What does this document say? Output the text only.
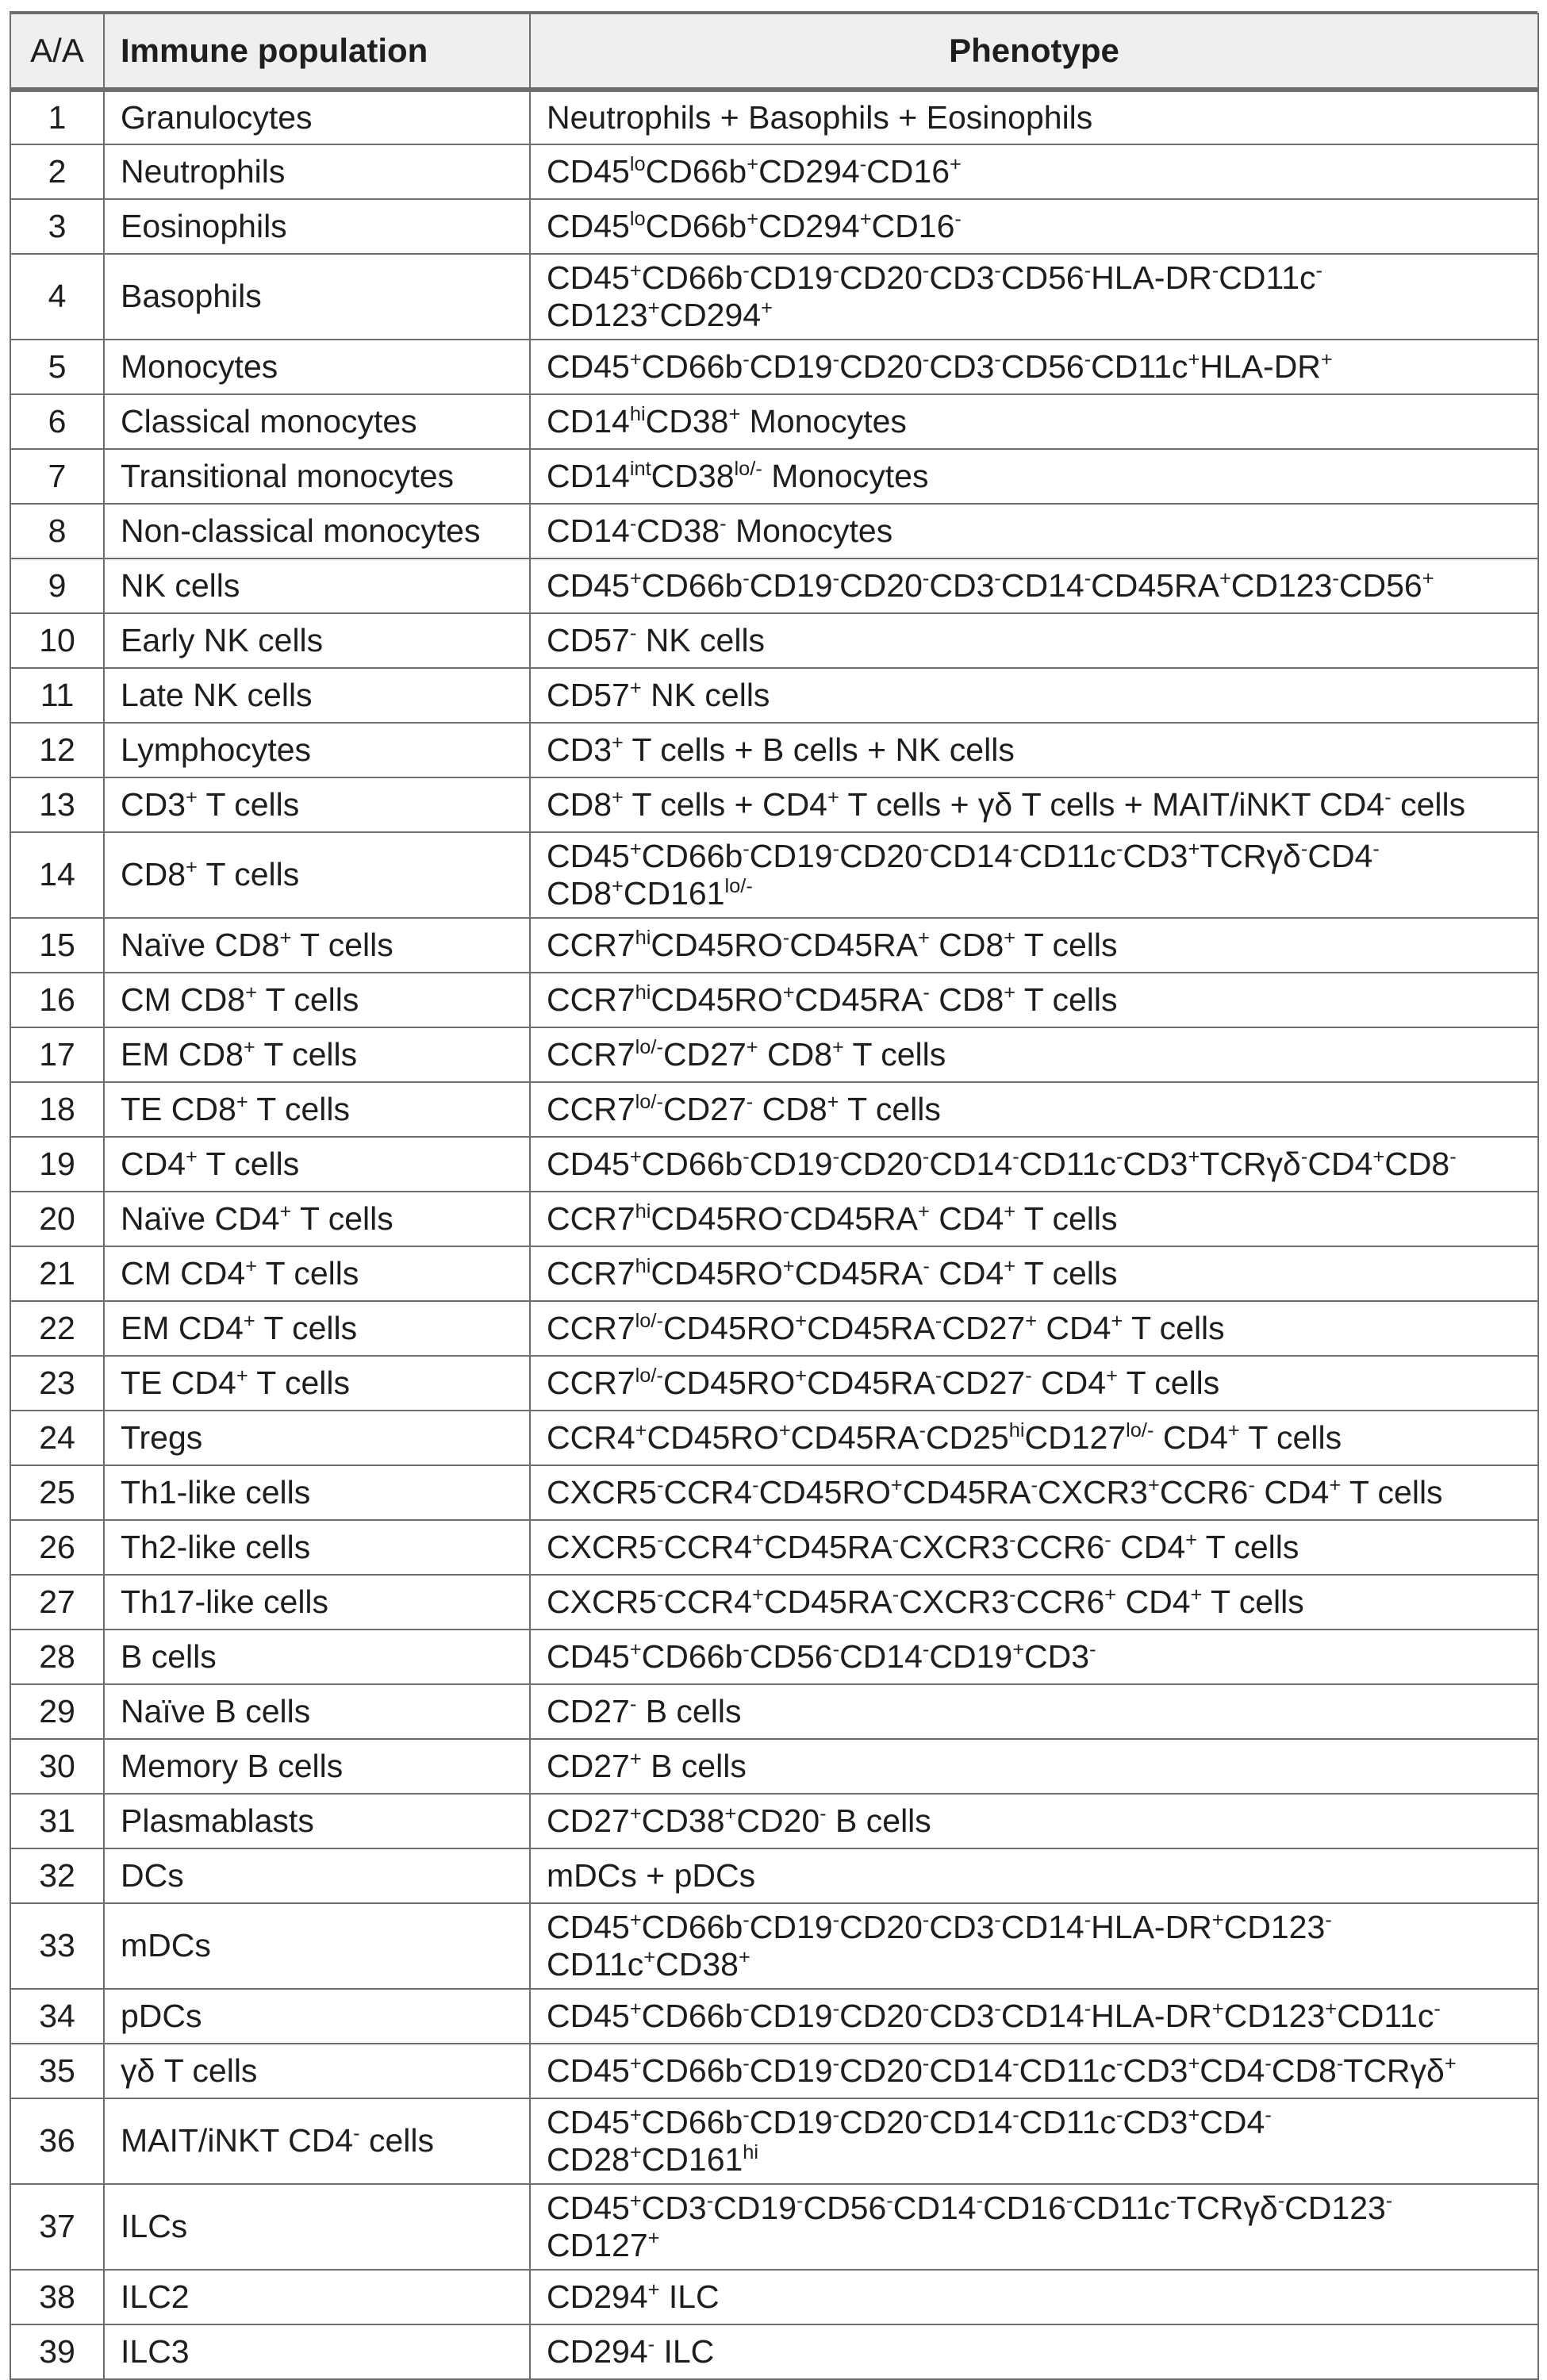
A/A	Immune population	Phenotype
1	Granulocytes	Neutrophils + Basophils + Eosinophils
2	Neutrophils	$CD45^{lo}CD66b^+CD294^-CD16^+$
3	Eosinophils	$CD45^{lo}CD66b^+CD294^+CD16^-$
4	Basophils	CD45+CD66b-CD19-CD20-CD3-CD56-HLA-DR-CD11c-
CD123+CD294+
5	Monocytes	CD45+CD66b-CD19-CD20-CD3-CD56-CD11c+HLA-DR+
6	Classical monocytes	$CD14^{hi}CD38^+$ Monocytes
7	Transitional monocytes	$CD14^{int}CD38^{lo/-}$ Monocytes
8	Non-classical monocytes	CD14-CD38- Monocytes
9	NK cells	CD45+CD66b-CD19-CD20-CD3-CD14-CD45RA+CD123-CD56+
10	Early NK cells	CD57- NK cells
11	Late NK cells	CD57+ NK cells
12	Lymphocytes	CD3+ T cells + B cells + NK cells
13	CD3+ T cells	CD8+ T cells + CD4+ T cells + γδ T cells + MAIT/iNKT CD4- cells
14	CD8+ T cells	CD45+CD66b-CD19-CD20-CD14-CD11c-CD3+TCRγδ-CD4-
$CD8^+CD161^{lo/-}$
15	Naïve CD8+ T cells	$CCR7^{hi}CD45RO^-CD45RA^+$ CD8+ T cells
16	CM CD8+ T cells	$CCR7^{hi}CD45RO^+CD45RA^-$ CD8+ T cells
17	EM CD8+ T cells	$CCR7^{lo/-}CD27^+$ CD8+ T cells
18	TE CD8+ T cells	$CCR7^{lo/-}CD27^-$ CD8+ T cells
19	CD4+ T cells	CD45+CD66b-CD19-CD20-CD14-CD11c-CD3+TCRγδ-CD4+CD8-
20	Naïve CD4+ T cells	$CCR7^{hi}CD45RO^-CD45RA^+$ CD4+ T cells
21	CM CD4+ T cells	$CCR7^{hi}CD45RO^+CD45RA^-$ CD4+ T cells
22	EM CD4+ T cells	$CCR7^{lo/-}CD45RO^+CD45RA^-CD27^+$ CD4+ T cells
23	TE CD4+ T cells	$CCR7^{lo/-}CD45RO^+CD45RA^-CD27^-$ CD4+ T cells
24	Tregs	$CCR4^+CD45RO^+CD45RA^-CD25^{hi}CD127^{lo/-}$ CD4+ T cells
25	Th1-like cells	CXCR5-CCR4-CD45RO+CD45RA-CXCR3+CCR6- CD4+ T cells
26	Th2-like cells	CXCR5-CCR4+CD45RA-CXCR3-CCR6- CD4+ T cells
27	Th17-like cells	CXCR5-CCR4+CD45RA-CXCR3-CCR6+ CD4+ T cells
28	B cells	CD45+CD66b-CD56-CD14-CD19+CD3-
29	Naïve B cells	CD27- B cells
30	Memory B cells	CD27+ B cells
31	Plasmablasts	CD27+CD38+CD20- B cells
32	DCs	mDCs + pDCs
33	mDCs	CD45+CD66b-CD19-CD20-CD3-CD14-HLA-DR+CD123-
CD11c+CD38+
34	pDCs	CD45+CD66b-CD19-CD20-CD3-CD14-HLA-DR+CD123+CD11c-
35	γδ T cells	CD45+CD66b-CD19-CD20-CD14-CD11c-CD3+CD4-CD8-TCRγδ+
36	MAIT/iNKT CD4- cells	CD45+CD66b-CD19-CD20-CD14-CD11c-CD3+CD4-
$CD28^+CD161^{hi}$
37	ILCs	CD45+CD3-CD19-CD56-CD14-CD16-CD11c-TCRγδ-CD123-
CD127+
38	ILC2	CD294+ ILC
39	ILC3	CD294- ILC
